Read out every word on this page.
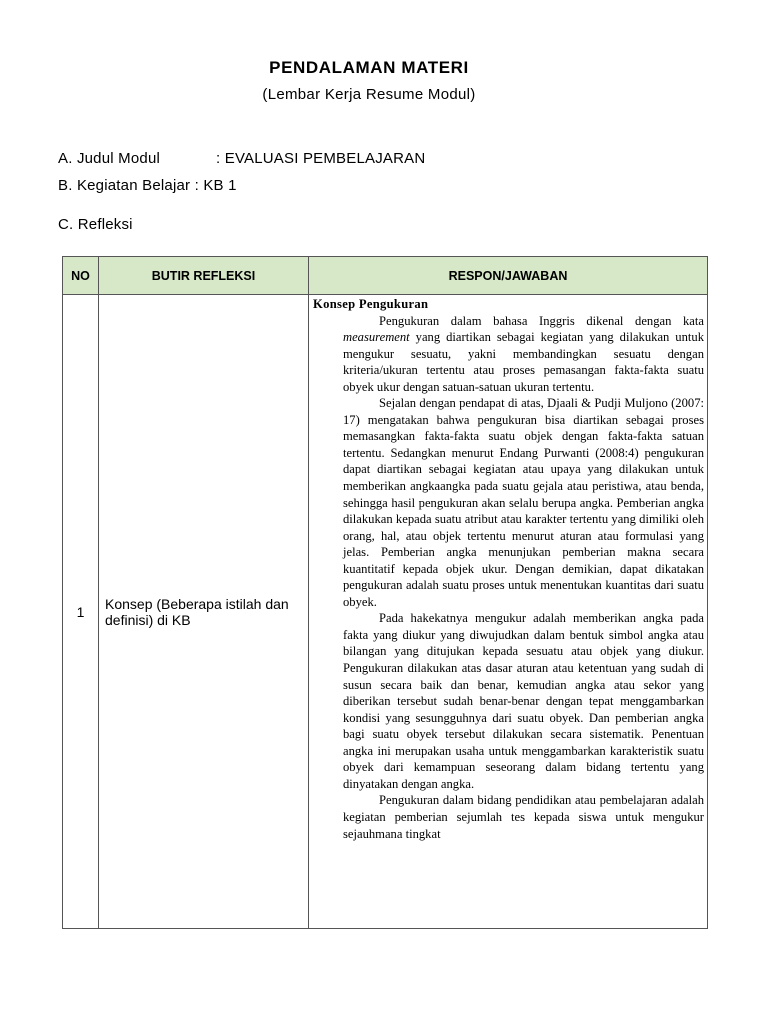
PENDALAMAN MATERI
(Lembar Kerja Resume Modul)
A. Judul Modul	: EVALUASI PEMBELAJARAN
B. Kegiatan Belajar : KB 1
C. Refleksi
NO	BUTIR REFLEKSI	RESPON/JAWABAN
1	Konsep (Beberapa istilah dan definisi) di KB	Konsep Pengukuran

Pengukuran dalam bahasa Inggris dikenal dengan kata measurement yang diartikan sebagai kegiatan yang dilakukan untuk mengukur sesuatu, yakni membandingkan sesuatu dengan kriteria/ukuran tertentu atau proses pemasangan fakta-fakta suatu obyek ukur dengan satuan-satuan ukuran tertentu.

Sejalan dengan pendapat di atas, Djaali & Pudji Muljono (2007: 17) mengatakan bahwa pengukuran bisa diartikan sebagai proses memasangkan fakta-fakta suatu objek dengan fakta-fakta satuan tertentu. Sedangkan menurut Endang Purwanti (2008:4) pengukuran dapat diartikan sebagai kegiatan atau upaya yang dilakukan untuk memberikan angkaangka pada suatu gejala atau peristiwa, atau benda, sehingga hasil pengukuran akan selalu berupa angka. Pemberian angka dilakukan kepada suatu atribut atau karakter tertentu yang dimiliki oleh orang, hal, atau objek tertentu menurut aturan atau formulasi yang jelas. Pemberian angka menunjukan pemberian makna secara kuantitatif kepada objek ukur. Dengan demikian, dapat dikatakan pengukuran adalah suatu proses untuk menentukan kuantitas dari suatu obyek.

Pada hakekatnya mengukur adalah memberikan angka pada fakta yang diukur yang diwujudkan dalam bentuk simbol angka atau bilangan yang ditujukan kepada sesuatu atau objek yang diukur. Pengukuran dilakukan atas dasar aturan atau ketentuan yang sudah di susun secara baik dan benar, kemudian angka atau sekor yang diberikan tersebut sudah benar-benar dengan tepat menggambarkan kondisi yang sesungguhnya dari suatu obyek. Dan pemberian angka bagi suatu obyek tersebut dilakukan secara sistematik. Penentuan angka ini merupakan usaha untuk menggambarkan karakteristik suatu obyek dari kemampuan seseorang dalam bidang tertentu yang dinyatakan dengan angka.

Pengukuran dalam bidang pendidikan atau pembelajaran adalah kegiatan pemberian sejumlah tes kepada siswa untuk mengukur sejauhmana tingkat
